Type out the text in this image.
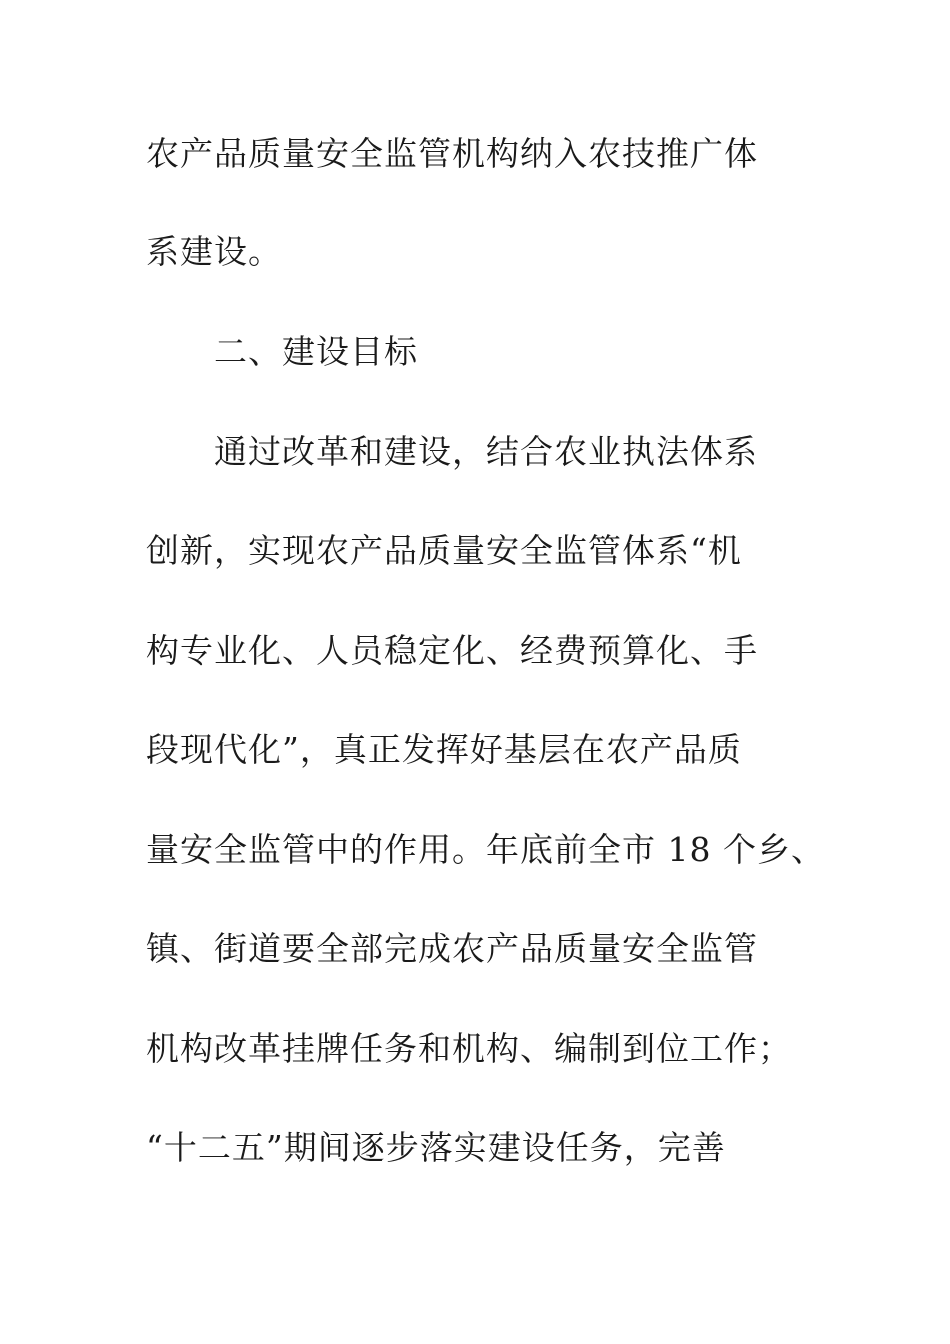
农产品质量安全监管机构纳入农技推广体
系建设。
二、建设目标
通过改革和建设，结合农业执法体系
创新，实现农产品质量安全监管体系“机
构专业化、人员稳定化、经费预算化、手
段现代化”，真正发挥好基层在农产品质
量安全监管中的作用。年底前全市 18 个乡、
镇、街道要全部完成农产品质量安全监管
机构改革挂牌任务和机构、编制到位工作；
“十二五”期间逐步落实建设任务，完善
